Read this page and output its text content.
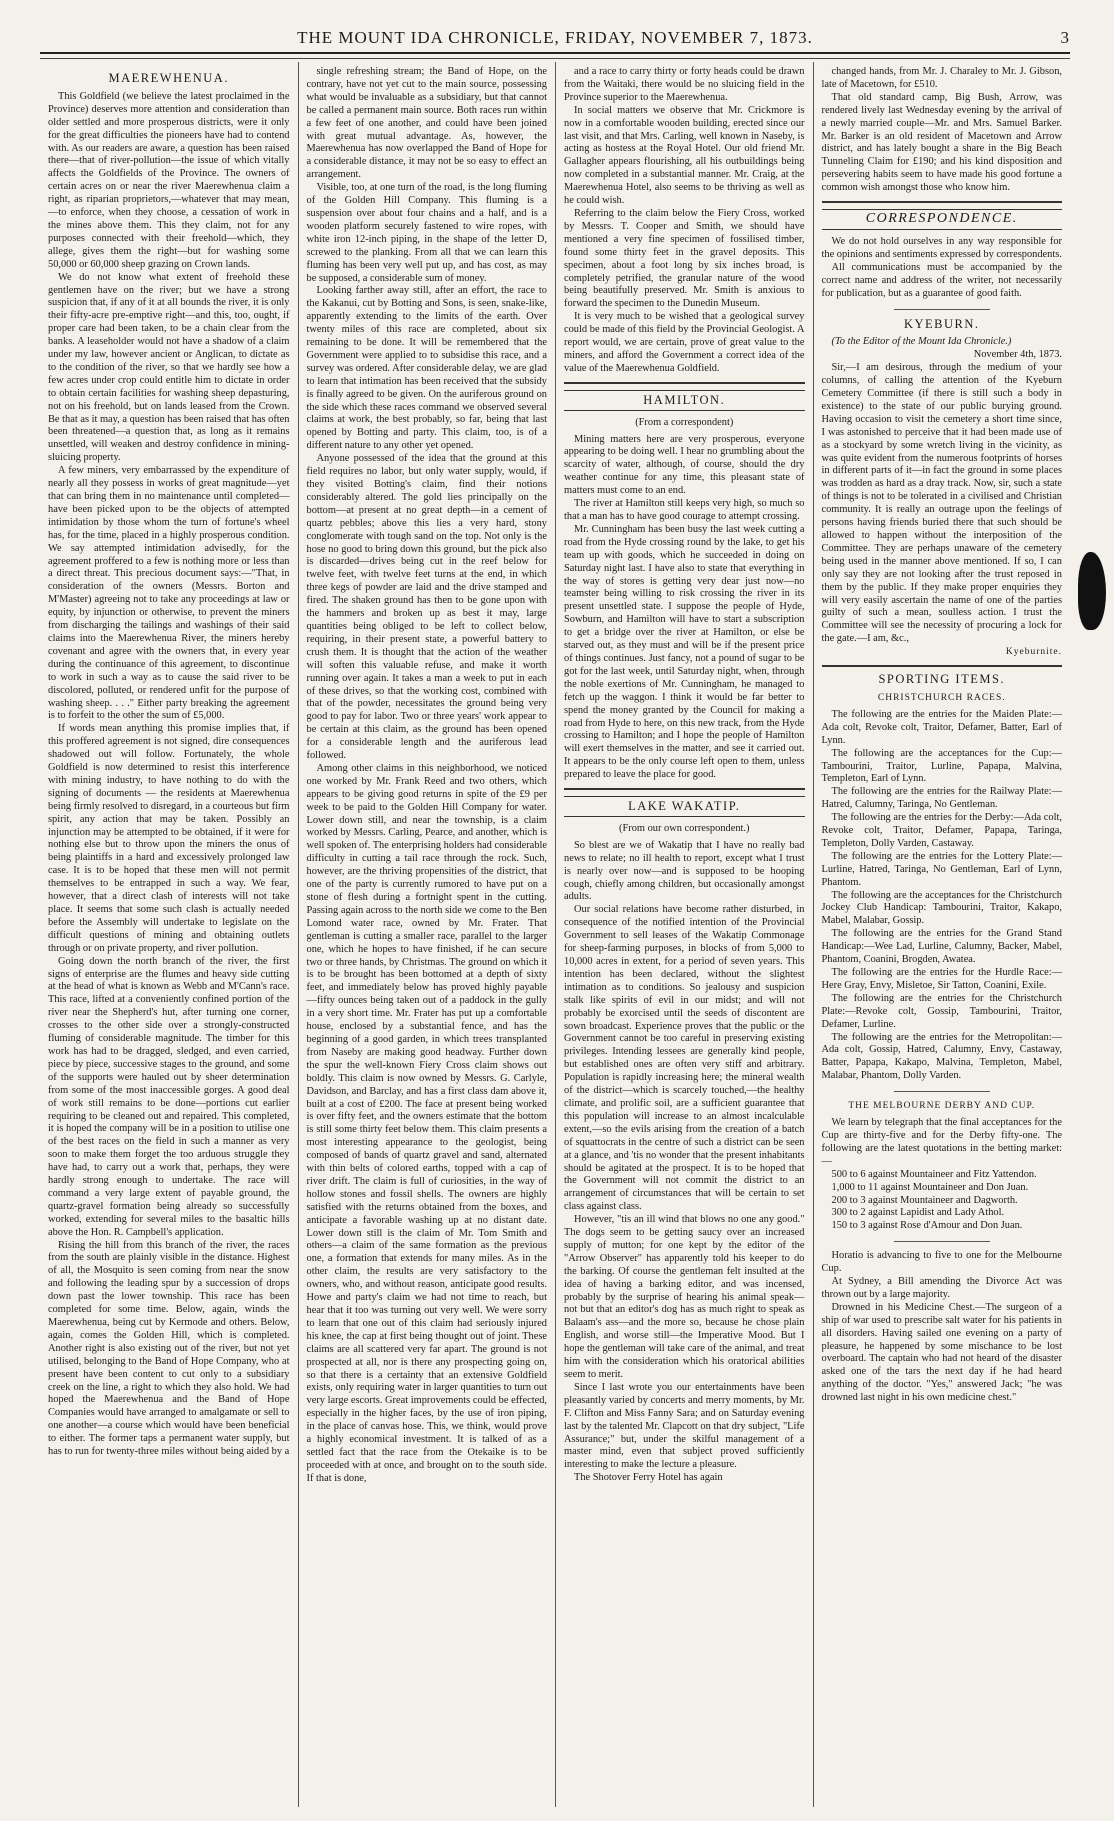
THE MOUNT IDA CHRONICLE, FRIDAY, NOVEMBER 7, 1873.	3
MAEREWHENUA.

This Goldfield (we believe the latest proclaimed in the Province) deserves more attention and consideration than older settled and more prosperous districts, were it only for the great difficulties the pioneers have had to contend with. As our readers are aware, a question has been raised there—that of river-pollution—the issue of which vitally affects the Goldfields of the Province. The owners of certain acres on or near the river Maerewhenua claim a right, as riparian proprietors,—whatever that may mean,—to enforce, when they choose, a cessation of work in the mines above them. This they claim, not for any purposes connected with their freehold—which, they allege, gives them the right—but for washing some 50,000 or 60,000 sheep grazing on Crown lands.

We do not know what extent of freehold these gentlemen have on the river; but we have a strong suspicion that, if any of it at all bounds the river, it is only their fifty-acre pre-emptive right—and this, too, ought, if proper care had been taken, to be a chain clear from the banks. A leaseholder would not have a shadow of a claim under my law, however ancient or Anglican, to dictate as to the condition of the river, so that we hardly see how a few acres under crop could entitle him to dictate in order to obtain certain facilities for washing sheep depasturing, not on his freehold, but on lands leased from the Crown. Be that as it may, a question has been raised that has often been threatened—a question that, as long as it remains unsettled, will weaken and destroy confidence in mining-sluicing property.

A few miners, very embarrassed by the expenditure of nearly all they possess in works of great magnitude—yet that can bring them in no maintenance until completed—have been picked upon to be the objects of attempted intimidation by those whom the turn of fortune's wheel has, for the time, placed in a highly prosperous condition. We say attempted intimidation advisedly, for the agreement proffered to a few is nothing more or less than a direct threat. This precious document says:—"That, in consideration of the owners (Messrs. Borton and M'Master) agreeing not to take any proceedings at law or equity, by injunction or otherwise, to prevent the miners from discharging the tailings and washings of their said claims into the Maerewhenua River, the miners hereby covenant and agree with the owners that, in every year during the continuance of this agreement, to discontinue to work in such a way as to cause the said river to be discolored, polluted, or rendered unfit for the purpose of washing sheep. . . ." Either party breaking the agreement is to forfeit to the other the sum of £5,000.

If words mean anything this promise implies that, if this proffered agreement is not signed, dire consequences shadowed out will follow. Fortunately, the whole Goldfield is now determined to resist this interference with mining industry, to have nothing to do with the signing of documents — the residents at Maerewhenua being firmly resolved to disregard, in a courteous but firm spirit, any action that may be taken. Possibly an injunction may be attempted to be obtained, if it were for nothing else but to throw upon the miners the onus of being plaintiffs in a hard and excessively prolonged law case. It is to be hoped that these men will not permit themselves to be entrapped in such a way. We fear, however, that a direct clash of interests will not take place. It seems that some such clash is actually needed before the Assembly will undertake to legislate on the difficult questions of mining and obtaining outlets through or on private property, and river pollution.

Going down the north branch of the river, the first signs of enterprise are the flumes and heavy side cutting at the head of what is known as Webb and M'Cann's race. This race, lifted at a conveniently confined portion of the river near the Shepherd's hut, after turning one corner, crosses to the other side over a strongly-constructed fluming of considerable magnitude. The timber for this work has had to be dragged, sledged, and even carried, piece by piece, successive stages to the ground, and some of the supports were hauled out by sheer determination from some of the most inaccessible gorges. A good deal of work still remains to be done—portions cut earlier requiring to be cleaned out and repaired. This completed, it is hoped the company will be in a position to utilise one of the best races on the field in such a manner as very soon to make them forget the too arduous struggle they have had, to carry out a work that, perhaps, they were hardly strong enough to undertake. The race will command a very large extent of payable ground, the quartz-gravel formation being already so successfully worked, extending for several miles to the basaltic hills above the Hon. R. Campbell's application.

Rising the hill from this branch of the river, the races from the south are plainly visible in the distance. Highest of all, the Mosquito is seen coming from near the snow and following the leading spur by a succession of drops down past the lower township. This race has been completed for some time. Below, again, winds the Maerewhenua, being cut by Kermode and others. Below, again, comes the Golden Hill, which is completed. Another right is also existing out of the river, but not yet utilised, belonging to the Band of Hope Company, who at present have been content to cut only to a subsidiary creek on the line, a right to which they also hold. We had hoped the Maerewhenua and the Band of Hope Companies would have arranged to amalgamate or sell to one another—a course which would have been beneficial to either. The former taps a permanent water supply, but has to run for twenty-three miles without being aided by a

single refreshing stream; the Band of Hope, on the contrary, have not yet cut to the main source, possessing what would be invaluable as a subsidiary, but that cannot be called a permanent main source. Both races run within a few feet of one another, and could have been joined with great mutual advantage. As, however, the Maerewhenua has now overlapped the Band of Hope for a considerable distance, it may not be so easy to effect an arrangement.

Visible, too, at one turn of the road, is the long fluming of the Golden Hill Company. This fluming is a suspension over about four chains and a half, and is a wooden platform securely fastened to wire ropes, with white iron 12-inch piping, in the shape of the letter D, screwed to the planking. From all that we can learn this fluming has been very well put up, and has cost, as may be supposed, a considerable sum of money.

Looking farther away still, after an effort, the race to the Kakanui, cut by Botting and Sons, is seen, snake-like, apparently extending to the limits of the earth. Over twenty miles of this race are completed, about six remaining to be done. It will be remembered that the Government were applied to to subsidise this race, and a survey was ordered. After considerable delay, we are glad to learn that intimation has been received that the subsidy is finally agreed to be given. On the auriferous ground on the side which these races command we observed several claims at work, the best probably, so far, being that last opened by Botting and party. This claim, too, is of a different nature to any other yet opened.

Anyone possessed of the idea that the ground at this field requires no labor, but only water supply, would, if they visited Botting's claim, find their notions considerably altered. The gold lies principally on the bottom—at present at no great depth—in a cement of quartz pebbles; above this lies a very hard, stony conglomerate with tough sand on the top. Not only is the hose no good to bring down this ground, but the pick also is discarded—drives being cut in the reef below for twelve feet, with twelve feet turns at the end, in which three kegs of powder are laid and the drive stamped and fired. The shaken ground has then to be gone upon with the hammers and broken up as best it may, large quantities being obliged to be left to collect below, requiring, in their present state, a powerful battery to crush them. It is thought that the action of the weather will soften this valuable refuse, and make it worth running over again. It takes a man a week to put in each of these drives, so that the working cost, combined with that of the powder, necessitates the ground being very good to pay for labor. Two or three years' work appear to be certain at this claim, as the ground has been opened for a considerable length and the auriferous lead followed.

Among other claims in this neighborhood, we noticed one worked by Mr. Frank Reed and two others, which appears to be giving good returns in spite of the £9 per week to be paid to the Golden Hill Company for water. Lower down still, and near the township, is a claim worked by Messrs. Carling, Pearce, and another, which is well spoken of. The enterprising holders had considerable difficulty in cutting a tail race through the rock. Such, however, are the thriving propensities of the district, that one of the party is currently rumored to have put on a stone of flesh during a fortnight spent in the cutting. Passing again across to the north side we come to the Ben Lomond water race, owned by Mr. Frater. That gentleman is cutting a smaller race, parallel to the larger one, which he hopes to have finished, if he can secure two or three hands, by Christmas. The ground on which it is to be brought has been bottomed at a depth of sixty feet, and immediately below has proved highly payable—fifty ounces being taken out of a paddock in the gully in a very short time. Mr. Frater has put up a comfortable house, enclosed by a substantial fence, and has the beginning of a good garden, in which trees transplanted from Naseby are making good headway. Further down the spur the well-known Fiery Cross claim shows out boldly. This claim is now owned by Messrs. G. Carlyle, Davidson, and Barclay, and has a first class dam above it, built at a cost of £200. The face at present being worked is over fifty feet, and the owners estimate that the bottom is still some thirty feet below them. This claim presents a most interesting appearance to the geologist, being composed of bands of quartz gravel and sand, alternated with thin belts of colored earths, topped with a cap of river drift. The claim is full of curiosities, in the way of hollow stones and fossil shells. The owners are highly satisfied with the returns obtained from the boxes, and anticipate a favorable washing up at no distant date. Lower down still is the claim of Mr. Tom Smith and others—a claim of the same formation as the previous one, a formation that extends for many miles. As in the other claim, the results are very satisfactory to the owners, who, and without reason, anticipate good results. Howe and party's claim we had not time to reach, but hear that it too was turning out very well. We were sorry to learn that one out of this claim had seriously injured his knee, the cap at first being thought out of joint. These claims are all scattered very far apart. The ground is not prospected at all, nor is there any prospecting going on, so that there is a certainty that an extensive Goldfield exists, only requiring water in larger quantities to turn out very large escorts. Great improvements could be effected, especially in the higher faces, by the use of iron piping, in the place of canvas hose. This, we think, would prove a highly economical investment. It is talked of as a settled fact that the race from the Otekaike is to be proceeded with at once, and brought on to the south side. If that is done,

and a race to carry thirty or forty heads could be drawn from the Waitaki, there would be no sluicing field in the Province superior to the Maerewhenua.

In social matters we observe that Mr. Crickmore is now in a comfortable wooden building, erected since our last visit, and that Mrs. Carling, well known in Naseby, is acting as hostess at the Royal Hotel. Our old friend Mr. Gallagher appears flourishing, all his outbuildings being now completed in a substantial manner. Mr. Craig, at the Maerewhenua Hotel, also seems to be thriving as well as he could wish.

Referring to the claim below the Fiery Cross, worked by Messrs. T. Cooper and Smith, we should have mentioned a very fine specimen of fossilised timber, found some thirty feet in the gravel deposits. This specimen, about a foot long by six inches broad, is completely petrified, the granular nature of the wood being beautifully preserved. Mr. Smith is anxious to forward the specimen to the Dunedin Museum.

It is very much to be wished that a geological survey could be made of this field by the Provincial Geologist. A report would, we are certain, prove of great value to the miners, and afford the Government a correct idea of the value of the Maerewhenua Goldfield.

HAMILTON.
(From a correspondent)

Mining matters here are very prosperous, everyone appearing to be doing well. I hear no grumbling about the scarcity of water, although, of course, should the dry weather continue for any time, this pleasant state of matters must come to an end.

The river at Hamilton still keeps very high, so much so that a man has to have good courage to attempt crossing.

Mr. Cunningham has been busy the last week cutting a road from the Hyde crossing round by the lake, to get his team up with goods, which he succeeded in doing on Saturday night last. I have also to state that everything in the way of stores is getting very dear just now—no teamster being willing to risk crossing the river in its present unsettled state. I suppose the people of Hyde, Sowburn, and Hamilton will have to start a subscription to get a bridge over the river at Hamilton, or else be starved out, as they must and will be if the present price of things continues. Just fancy, not a pound of sugar to be got for the last week, until Saturday night, when, through the noble exertions of Mr. Cunningham, he managed to fetch up the waggon. I think it would be far better to spend the money granted by the Council for making a road from Hyde to here, on this new track, from the Hyde crossing to Hamilton; and I hope the people of Hamilton will exert themselves in the matter, and see it carried out. It appears to be the only course left open to them, unless prepared to leave the place for good.

LAKE WAKATIP.
(From our own correspondent.)

So blest are we of Wakatip that I have no really bad news to relate; no ill health to report, except what I trust is nearly over now—and is supposed to be hooping cough, chiefly among children, but occasionally amongst adults.

Our social relations have become rather disturbed, in consequence of the notified intention of the Provincial Government to sell leases of the Wakatip Commonage for sheep-farming purposes, in blocks of from 5,000 to 10,000 acres in extent, for a period of seven years. This intention has been declared, without the slightest intimation as to conditions. So jealousy and suspicion stalk like spirits of evil in our midst; and will not probably be exorcised until the seeds of discontent are sown broadcast. Experience proves that the public or the Government cannot be too careful in preserving existing privileges. Intending lessees are generally kind people, but established ones are often very stiff and arbitrary. Population is rapidly increasing here; the mineral wealth of the district—which is scarcely touched,—the healthy climate, and prolific soil, are a sufficient guarantee that this population will increase to an almost incalculable extent,—so the evils arising from the creation of a batch of squattocrats in the centre of such a district can be seen at a glance, and 'tis no wonder that the present inhabitants should be agitated at the prospect. It is to be hoped that the Government will not commit the district to an arrangement of circumstances that will be certain to set class against class.

However, "tis an ill wind that blows no one any good." The dogs seem to be getting saucy over an increased supply of mutton; for one kept by the editor of the "Arrow Observer" has apparently told his keeper to do the barking. Of course the gentleman felt insulted at the idea of having a barking editor, and was incensed, probably by the surprise of hearing his animal speak—not but that an editor's dog has as much right to speak as Balaam's ass—and the more so, because he chose plain English, and worse still—the Imperative Mood. But I hope the gentleman will take care of the animal, and treat him with the consideration which his oratorical abilities seem to merit.

Since I last wrote you our entertainments have been pleasantly varied by concerts and merry moments, by Mr. F. Clifton and Miss Fanny Sara; and on Saturday evening last by the talented Mr. Clapcott on that dry subject, "Life Assurance;" but, under the skilful management of a master mind, even that subject proved sufficiently interesting to make the lecture a pleasure.

The Shotover Ferry Hotel has again

changed hands, from Mr. J. Charaley to Mr. J. Gibson, late of Macetown, for £510.

That old standard camp, Big Bush, Arrow, was rendered lively last Wednesday evening by the arrival of a newly married couple—Mr. and Mrs. Samuel Barker. Mr. Barker is an old resident of Macetown and Arrow district, and has lately bought a share in the Big Beach Tunneling Claim for £190; and his kind disposition and persevering habits seem to have made his good fortune a common wish amongst those who know him.

CORRESPONDENCE.

We do not hold ourselves in any way responsible for the opinions and sentiments expressed by correspondents.

All communications must be accompanied by the correct name and address of the writer, not necessarily for publication, but as a guarantee of good faith.

KYEBURN.

(To the Editor of the Mount Ida Chronicle.)

November 4th, 1873.

Sir,—I am desirous, through the medium of your columns, of calling the attention of the Kyeburn Cemetery Committee (if there is still such a body in existence) to the state of our public burying ground. Having occasion to visit the cemetery a short time since, I was astonished to perceive that it had been made use of as a stockyard by some wretch living in the vicinity, as was quite evident from the numerous footprints of horses in different parts of it—in fact the ground in some places was trodden as hard as a dray track. Now, sir, such a state of things is not to be tolerated in a civilised and Christian community. It is really an outrage upon the feelings of persons having friends buried there that such should be allowed to happen without the interposition of the Committee. They are perhaps unaware of the cemetery being used in the manner above mentioned. If so, I can only say they are not looking after the trust reposed in them by the public. If they make proper enquiries they will very easily ascertain the name of one of the parties guilty of such a mean, soulless action. I trust the Committee will see the necessity of procuring a lock for the gate.—I am, &c.,

Kyeburnite.
SPORTING ITEMS.
CHRISTCHURCH RACES.

The following are the entries for the Maiden Plate:—Ada colt, Revoke colt, Traitor, Defamer, Batter, Earl of Lynn.

The following are the acceptances for the Cup:—Tambourini, Traitor, Lurline, Papapa, Malvina, Templeton, Earl of Lynn.

The following are the entries for the Railway Plate:—Hatred, Calumny, Taringa, No Gentleman.

The following are the entries for the Derby:—Ada colt, Revoke colt, Traitor, Defamer, Papapa, Taringa, Templeton, Dolly Varden, Castaway.

The following are the entries for the Lottery Plate:—Lurline, Hatred, Taringa, No Gentleman, Earl of Lynn, Phantom.

The following are the acceptances for the Christchurch Jockey Club Handicap: Tambourini, Traitor, Kakapo, Mabel, Malabar, Gossip.

The following are the entries for the Grand Stand Handicap:—Wee Lad, Lurline, Calumny, Backer, Mabel, Phantom, Coanini, Brogden, Awatea.

The following are the entries for the Hurdle Race:—Here Gray, Envy, Misletoe, Sir Tatton, Coanini, Exile.

The following are the entries for the Christchurch Plate:—Revoke colt, Gossip, Tambourini, Traitor, Defamer, Lurline.

The following are the entries for the Metropolitan:—Ada colt, Gossip, Hatred, Calumny, Envy, Castaway, Batter, Papapa, Kakapo, Malvina, Templeton, Mabel, Malabar, Phantom, Dolly Varden.

THE MELBOURNE DERBY AND CUP.

We learn by telegraph that the final acceptances for the Cup are thirty-five and for the Derby fifty-one. The following are the latest quotations in the betting market:—

500 to 6 against Mountaineer and Fitz Yattendon.

1,000 to 11 against Mountaineer and Don Juan.

200 to 3 against Mountaineer and Dagworth.

300 to 2 against Lapidist and Lady Athol.

150 to 3 against Rose d'Amour and Don Juan.

Horatio is advancing to five to one for the Melbourne Cup.

At Sydney, a Bill amending the Divorce Act was thrown out by a large majority.

Drowned in his Medicine Chest.—The surgeon of a ship of war used to prescribe salt water for his patients in all disorders. Having sailed one evening on a party of pleasure, he happened by some mischance to be lost overboard. The captain who had not heard of the disaster asked one of the tars the next day if he had heard anything of the doctor. "Yes," answered Jack; "he was drowned last night in his own medicine chest."
